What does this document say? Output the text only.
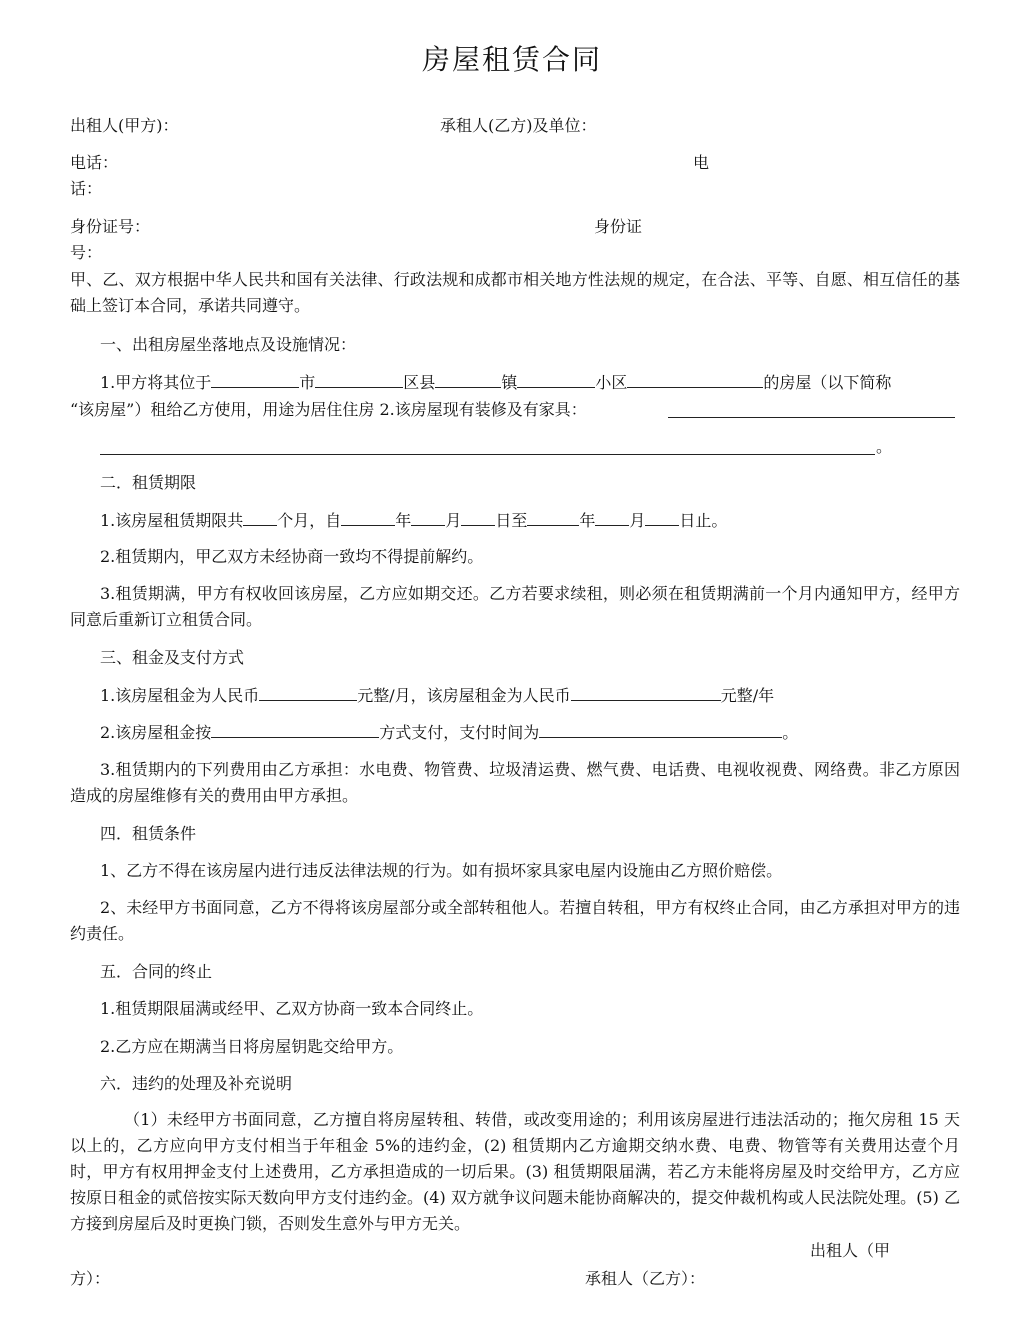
房屋租赁合同
出租人(甲方)：	承租人(乙方)及单位：
电话：	电
话：
身份证号：	身份证
号：
甲、乙、双方根据中华人民共和国有关法律、行政法规和成都市相关地方性法规的规定，在合法、平等、自愿、相互信任的基础上签订本合同，承诺共同遵守。
一、出租房屋坐落地点及设施情况：
1.甲方将其位于	市	区县	镇	小区	的房屋（以下简称
“该房屋”）租给乙方使用，用途为居住住房 2.该房屋现有装修及有家具：
。
二．租赁期限
1.该房屋租赁期限共 个月，自	年 月 日至	年 月 日止。
2.租赁期内，甲乙双方未经协商一致均不得提前解约。
3.租赁期满，甲方有权收回该房屋，乙方应如期交还。乙方若要求续租，则必须在租赁期满前一个月内通知甲方，经甲方同意后重新订立租赁合同。
三、租金及支付方式
1.该房屋租金为人民币	元整/月，该房屋租金为人民币	元整/年
2.该房屋租金按	方式支付，支付时间为	。
3.租赁期内的下列费用由乙方承担：水电费、物管费、垃圾清运费、燃气费、电话费、电视收视费、网络费。非乙方原因造成的房屋维修有关的费用由甲方承担。
四．租赁条件
1、乙方不得在该房屋内进行违反法律法规的行为。如有损坏家具家电屋内设施由乙方照价赔偿。
2、未经甲方书面同意，乙方不得将该房屋部分或全部转租他人。若擅自转租，甲方有权终止合同，由乙方承担对甲方的违约责任。
五．合同的终止
1.租赁期限届满或经甲、乙双方协商一致本合同终止。
2.乙方应在期满当日将房屋钥匙交给甲方。
六．违约的处理及补充说明
（1）未经甲方书面同意，乙方擅自将房屋转租、转借，或改变用途的；利用该房屋进行违法活动的；拖欠房租 15 天以上的，乙方应向甲方支付相当于年租金 5%的违约金，(2) 租赁期内乙方逾期交纳水费、电费、物管等有关费用达壹个月时，甲方有权用押金支付上述费用，乙方承担造成的一切后果。(3) 租赁期限届满，若乙方未能将房屋及时交给甲方，乙方应按原日租金的贰倍按实际天数向甲方支付违约金。(4) 双方就争议问题未能协商解决的，提交仲裁机构或人民法院处理。(5) 乙方接到房屋后及时更换门锁，否则发生意外与甲方无关。
出租人（甲
方）：	承租人（乙方）：
